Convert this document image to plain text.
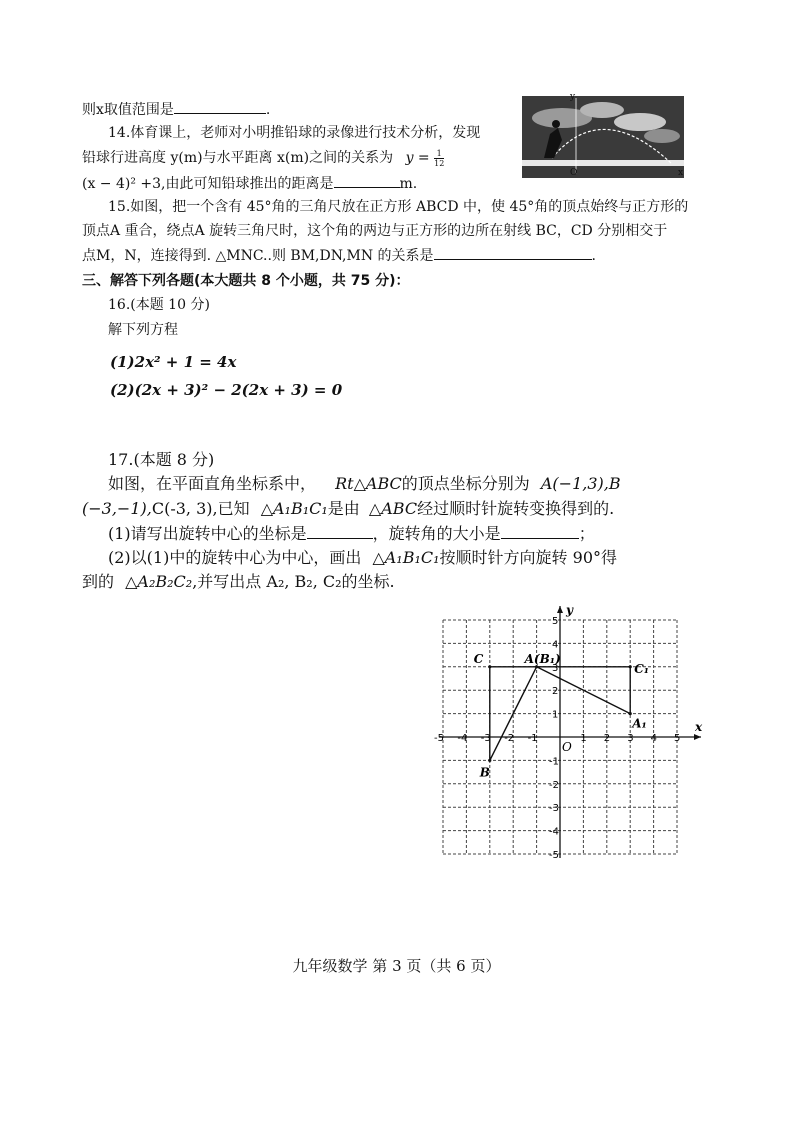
则x取值范围是	.
14.体育课上，老师对小明推铅球的录像进行技术分析，发现
铅球行进高度 y(m)与水平距离 x(m)之间的关系为 $y = \frac{1}{12}$
(x − 4)² +3,由此可知铅球推出的距离是	m.
y
O	x
15.如图，把一个含有 45°角的三角尺放在正方形 ABCD 中，使 45°角的顶点始终与正方形的
顶点A 重合，绕点A 旋转三角尺时，这个角的两边与正方形的边所在射线 BC，CD 分别相交于
点M，N，连接得到. △MNC..则 BM,DN,MN 的关系是	.
三、解答下列各题(本大题共 8 个小题，共 75 分)：
16.(本题 10 分)
解下列方程
(1)2x² + 1 = 4x
(2)(2x + 3)² − 2(2x + 3) = 0
17.(本题 8 分)
如图，在平面直角坐标系中， Rt△ABC的顶点坐标分别为 A(−1,3),B
(−3,−1),C(-3, 3),已知 △A₁B₁C₁是由 △ABC经过顺时针旋转变换得到的.
(1)请写出旋转中心的坐标是	，旋转角的大小是	；
(2)以(1)中的旋转中心为中心，画出 △A₁B₁C₁按顺时针方向旋转 90°得
到的 △A₂B₂C₂,并写出点 A₂, B₂, C₂的坐标.
x
y
O
-5 -4 -3 -2 -1	1 2 3 4 5
5
4
3
2
1
-1
-2
-3
-4
-5
C	A(B₁)
B
C₁
A₁
九年级数学 第 3 页（共 6 页）
